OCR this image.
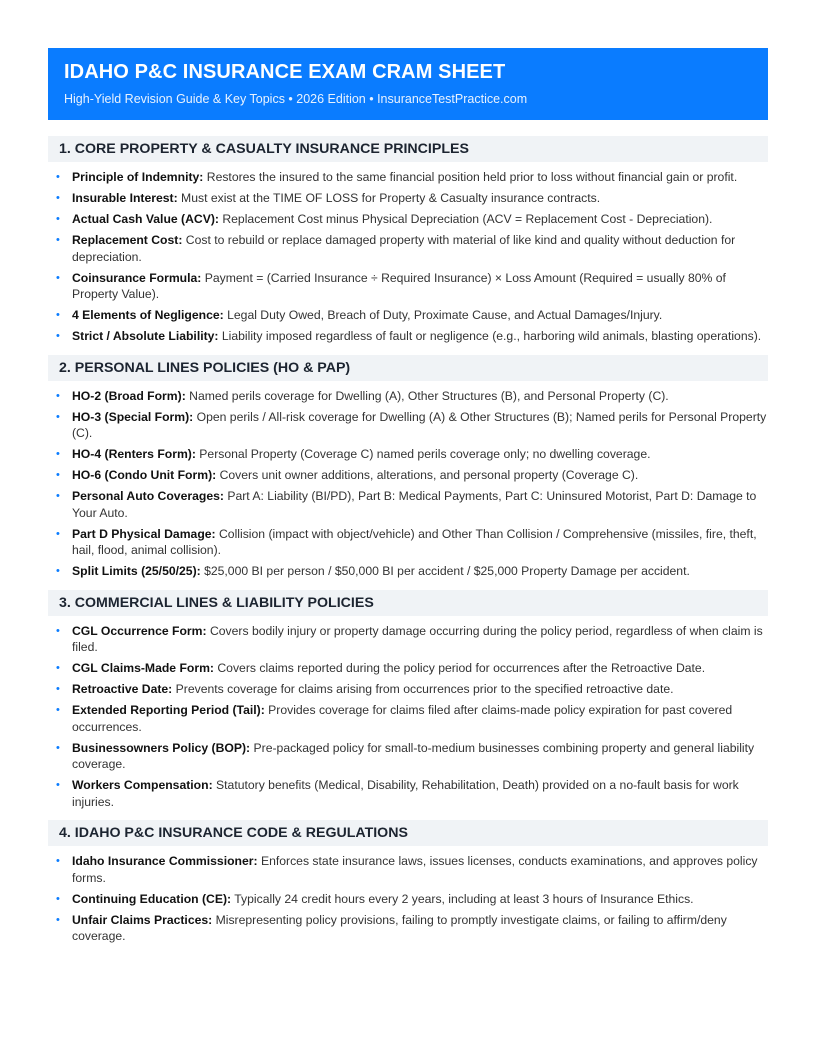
IDAHO P&C INSURANCE EXAM CRAM SHEET
High-Yield Revision Guide & Key Topics • 2026 Edition • InsuranceTestPractice.com
1. CORE PROPERTY & CASUALTY INSURANCE PRINCIPLES
• Principle of Indemnity: Restores the insured to the same financial position held prior to loss without financial gain or profit.
• Insurable Interest: Must exist at the TIME OF LOSS for Property & Casualty insurance contracts.
• Actual Cash Value (ACV): Replacement Cost minus Physical Depreciation (ACV = Replacement Cost - Depreciation).
• Replacement Cost: Cost to rebuild or replace damaged property with material of like kind and quality without deduction for depreciation.
• Coinsurance Formula: Payment = (Carried Insurance ÷ Required Insurance) × Loss Amount (Required = usually 80% of Property Value).
• 4 Elements of Negligence: Legal Duty Owed, Breach of Duty, Proximate Cause, and Actual Damages/Injury.
• Strict / Absolute Liability: Liability imposed regardless of fault or negligence (e.g., harboring wild animals, blasting operations).
2. PERSONAL LINES POLICIES (HO & PAP)
• HO-2 (Broad Form): Named perils coverage for Dwelling (A), Other Structures (B), and Personal Property (C).
• HO-3 (Special Form): Open perils / All-risk coverage for Dwelling (A) & Other Structures (B); Named perils for Personal Property (C).
• HO-4 (Renters Form): Personal Property (Coverage C) named perils coverage only; no dwelling coverage.
• HO-6 (Condo Unit Form): Covers unit owner additions, alterations, and personal property (Coverage C).
• Personal Auto Coverages: Part A: Liability (BI/PD), Part B: Medical Payments, Part C: Uninsured Motorist, Part D: Damage to Your Auto.
• Part D Physical Damage: Collision (impact with object/vehicle) and Other Than Collision / Comprehensive (missiles, fire, theft, hail, flood, animal collision).
• Split Limits (25/50/25): $25,000 BI per person / $50,000 BI per accident / $25,000 Property Damage per accident.
3. COMMERCIAL LINES & LIABILITY POLICIES
• CGL Occurrence Form: Covers bodily injury or property damage occurring during the policy period, regardless of when claim is filed.
• CGL Claims-Made Form: Covers claims reported during the policy period for occurrences after the Retroactive Date.
• Retroactive Date: Prevents coverage for claims arising from occurrences prior to the specified retroactive date.
• Extended Reporting Period (Tail): Provides coverage for claims filed after claims-made policy expiration for past covered occurrences.
• Businessowners Policy (BOP): Pre-packaged policy for small-to-medium businesses combining property and general liability coverage.
• Workers Compensation: Statutory benefits (Medical, Disability, Rehabilitation, Death) provided on a no-fault basis for work injuries.
4. IDAHO P&C INSURANCE CODE & REGULATIONS
• Idaho Insurance Commissioner: Enforces state insurance laws, issues licenses, conducts examinations, and approves policy forms.
• Continuing Education (CE): Typically 24 credit hours every 2 years, including at least 3 hours of Insurance Ethics.
• Unfair Claims Practices: Misrepresenting policy provisions, failing to promptly investigate claims, or failing to affirm/deny coverage.
